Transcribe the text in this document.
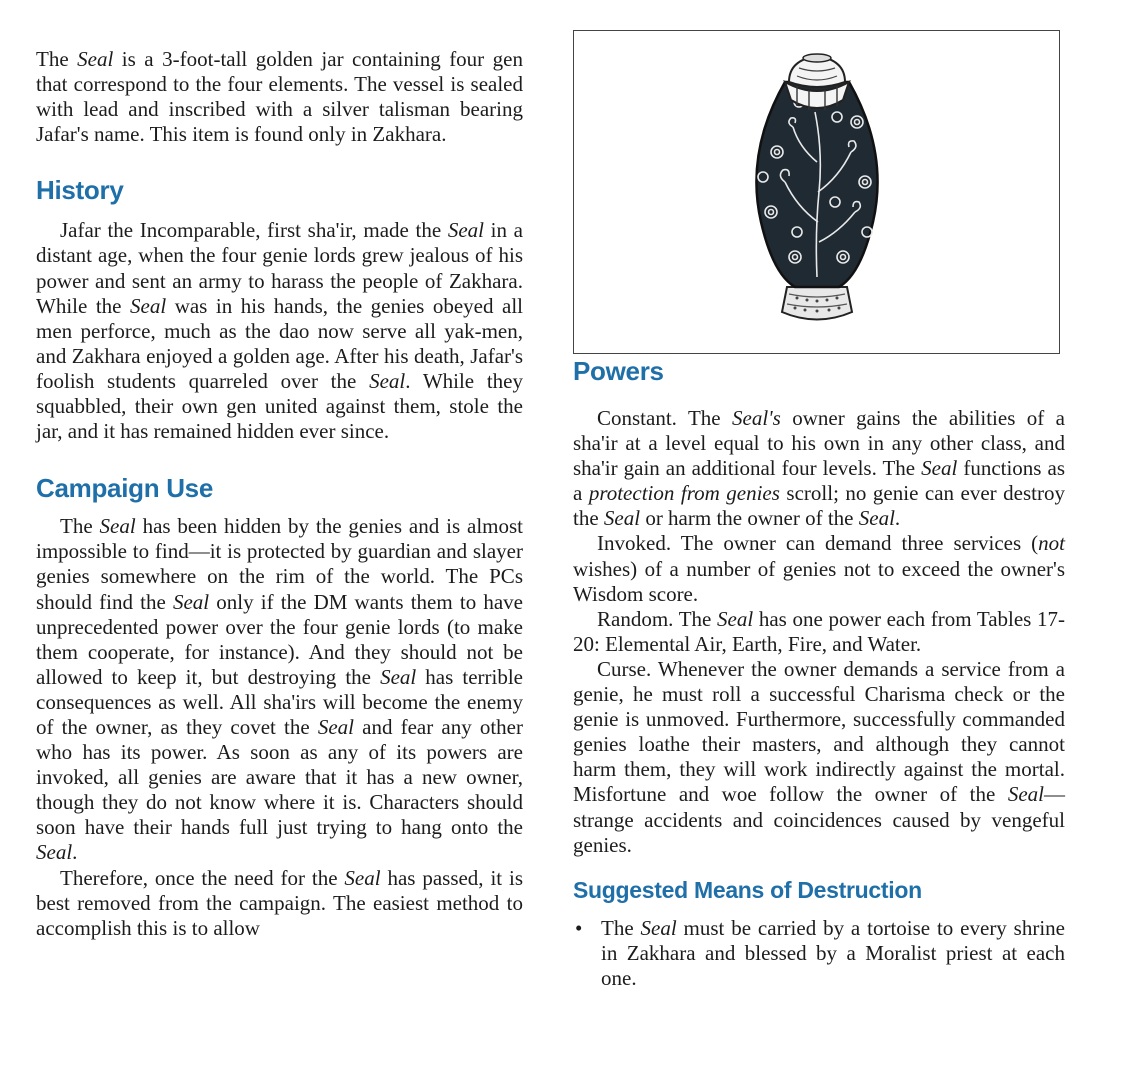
The Seal is a 3-foot-tall golden jar containing four gen that correspond to the four elements. The vessel is sealed with lead and inscribed with a silver talisman bearing Jafar's name. This item is found only in Zakhara.

History

Jafar the Incomparable, first sha'ir, made the Seal in a distant age, when the four genie lords grew jealous of his power and sent an army to harass the people of Zakhara. While the Seal was in his hands, the genies obeyed all men perforce, much as the dao now serve all yak-men, and Zakhara enjoyed a golden age. After his death, Jafar's foolish students quarreled over the Seal. While they squabbled, their own gen united against them, stole the jar, and it has remained hidden ever since.

Campaign Use

The Seal has been hidden by the genies and is almost impossible to find—it is protected by guardian and slayer genies somewhere on the rim of the world. The PCs should find the Seal only if the DM wants them to have unprecedented power over the four genie lords (to make them cooperate, for instance). And they should not be allowed to keep it, but destroying the Seal has terrible consequences as well. All sha'irs will become the enemy of the owner, as they covet the Seal and fear any other who has its power. As soon as any of its powers are invoked, all genies are aware that it has a new owner, though they do not know where it is. Characters should soon have their hands full just trying to hang onto the Seal.

Therefore, once the need for the Seal has passed, it is best removed from the campaign. The easiest method to accomplish this is to allow

Powers

Constant. The Seal's owner gains the abilities of a sha'ir at a level equal to his own in any other class, and sha'ir gain an additional four levels. The Seal functions as a protection from genies scroll; no genie can ever destroy the Seal or harm the owner of the Seal.

Invoked. The owner can demand three services (not wishes) of a number of genies not to exceed the owner's Wisdom score.

Random. The Seal has one power each from Tables 17-20: Elemental Air, Earth, Fire, and Water.

Curse. Whenever the owner demands a service from a genie, he must roll a successful Charisma check or the genie is unmoved. Furthermore, successfully commanded genies loathe their masters, and although they cannot harm them, they will work indirectly against the mortal. Misfortune and woe follow the owner of the Seal—strange accidents and coincidences caused by vengeful genies.

Suggested Means of Destruction
• The Seal must be carried by a tortoise to every shrine in Zakhara and blessed by a Moralist priest at each one.
